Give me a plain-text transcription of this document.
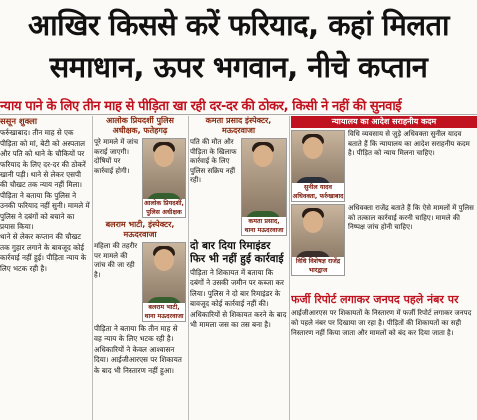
आखिर किससे करें फरियाद, कहां मिलता
समाधान, ऊपर भगवान, नीचे कप्तान
न्याय पाने के लिए तीन माह से पीड़िता खा रही दर-दर की ठोकर, किसी ने नहीं की सुनवाई

ससून शुक्ला

फर्रुखाबाद। तीन माह से एक पीड़िता को मां, बेटी को अस्पताल और पति को थाने के चौकियों पर फरियाद के लिए दर-दर की ठोकरें खानी पड़ी। थाने से लेकर एसपी की चौखट तक न्याय नहीं मिला।

पीड़िता ने बताया कि पुलिस ने उनकी फरियाद नहीं सुनी। मामले में पुलिस ने दबंगों को बचाने का प्रयास किया।

थाने से लेकर कप्तान की चौखट तक गुहार लगाने के बावजूद कोई कार्रवाई नहीं हुई। पीड़िता न्याय के लिए भटक रही है।

आलोक प्रियदर्शी पुलिस अधीक्षक, फतेहगढ़
पूरे मामले में जांच कराई जाएगी। दोषियों पर कार्रवाई होगी।
आलोक प्रियदर्शी, पुलिस अधीक्षक
बलराम भाटी, इंस्पेक्टर, मऊदरवाजा
महिला की तहरीर पर मामले की जांच की जा रही है।
बलराम भाटी, थाना मऊदरवाजा

पीड़िता ने बताया कि तीन माह से वह न्याय के लिए भटक रही है। अधिकारियों ने केवल आश्वासन दिया। आईजीआरएस पर शिकायत के बाद भी निस्तारण नहीं हुआ।

कमता प्रसाद इंस्पेक्टर, मऊदरवाजा
पति की मौत और पीड़िता के खिलाफ कार्रवाई के लिए पुलिस सक्रिय नहीं रही।
कमता प्रसाद, थाना मऊदरवाजा
दो बार दिया रिमाइंडर फिर भी नहीं हुई कार्रवाई

पीड़िता ने शिकायत में बताया कि दबंगों ने उसकी जमीन पर कब्जा कर लिया। पुलिस ने दो बार रिमाइंडर के बावजूद कोई कार्रवाई नहीं की। अधिकारियों से शिकायत करने के बाद भी मामला जस का तस बना है।

न्यायालय का आदेश सराहनीय कदम
सुनील यादव अधिवक्ता, फर्रुखाबाद
विधि व्यवसाय से जुड़े अधिवक्ता सुनील यादव बताते हैं कि न्यायालय का आदेश सराहनीय कदम है। पीड़ित को न्याय मिलना चाहिए।
विधि विशेषज्ञ राजेंद्र भारद्वाज
अधिवक्ता राजेंद्र बताते हैं कि ऐसे मामलों में पुलिस को तत्काल कार्रवाई करनी चाहिए। मामले की निष्पक्ष जांच होनी चाहिए।
फर्जी रिपोर्ट लगाकर जनपद पहले नंबर पर
आईजीआरएस पर शिकायतों के निस्तारण में फर्जी रिपोर्ट लगाकर जनपद को पहले नंबर पर दिखाया जा रहा है। पीड़ितों की शिकायतों का सही निस्तारण नहीं किया जाता और मामलों को बंद कर दिया जाता है।
